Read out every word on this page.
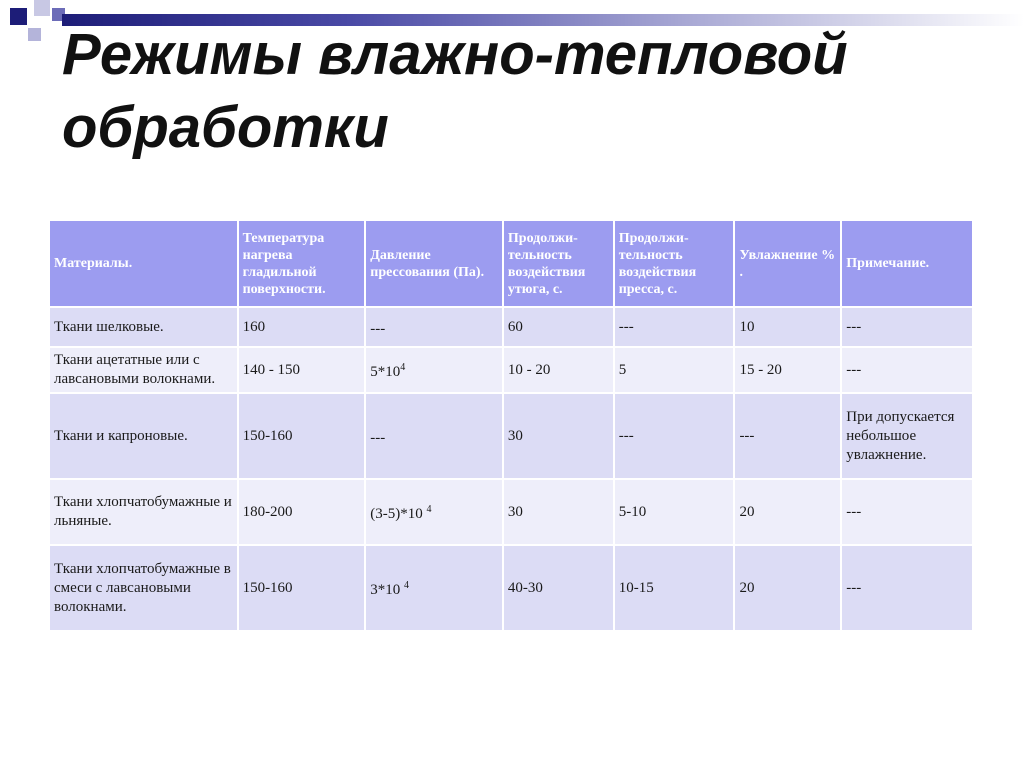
Режимы влажно-тепловой обработки
Материалы.	Температура нагрева гладильной поверхности.	Давление прессования (Па).	Продолжи-тельность воздействия утюга, с.	Продолжи-тельность воздействия пресса, с.	Увлажнение % .	Примечание.
Ткани шелковые.	160	---	60	---	10	---
Ткани ацетатные или с лавсановыми волокнами.	140 - 150	$5*10^4$	10 - 20	5	15 - 20	---
Ткани и капроновые.	150-160	---	30	---	---	При допускается небольшое увлажнение.
Ткани хлопчатобумажные и льняные.	180-200	(3-5)*10 $^4$	30	5-10	20	---
Ткани хлопчатобумажные в смеси с лавсановыми волокнами.	150-160	3*10 $^4$	40-30	10-15	20	---
